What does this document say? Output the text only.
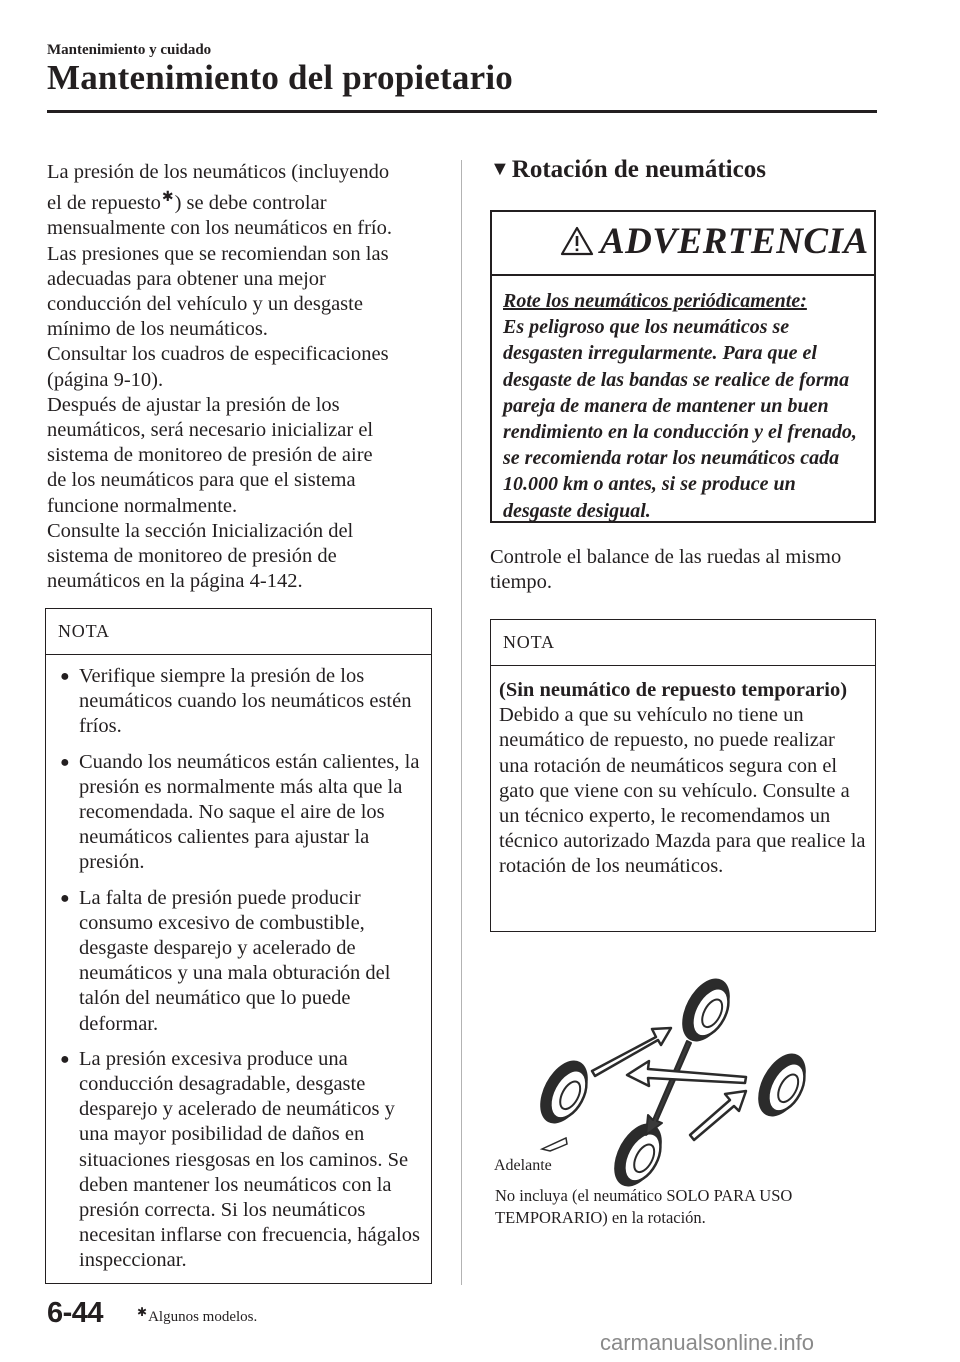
Mantenimiento y cuidado
Mantenimiento del propietario

La presión de los neumáticos (incluyendo

el de repuesto✱) se debe controlar

mensualmente con los neumáticos en frío.

Las presiones que se recomiendan son las

adecuadas para obtener una mejor

conducción del vehículo y un desgaste

mínimo de los neumáticos.

Consultar los cuadros de especificaciones

(página 9-10).

Después de ajustar la presión de los

neumáticos, será necesario inicializar el

sistema de monitoreo de presión de aire

de los neumáticos para que el sistema

funcione normalmente.

Consulte la sección Inicialización del

sistema de monitoreo de presión de

neumáticos en la página 4-142.

NOTA
● Verifique siempre la presión de los neumáticos cuando los neumáticos estén fríos.
● Cuando los neumáticos están calientes, la presión es normalmente más alta que la recomendada. No saque el aire de los neumáticos calientes para ajustar la presión.
● La falta de presión puede producir consumo excesivo de combustible, desgaste desparejo y acelerado de neumáticos y una mala obturación del talón del neumático que lo puede deformar.
● La presión excesiva produce una conducción desagradable, desgaste desparejo y acelerado de neumáticos y una mayor posibilidad de daños en situaciones riesgosas en los caminos. Se deben mantener los neumáticos con la presión correcta. Si los neumáticos necesitan inflarse con frecuencia, hágalos inspeccionar.
▼Rotación de neumáticos
ADVERTENCIA
Rote los neumáticos periódicamente:
Es peligroso que los neumáticos se desgasten irregularmente. Para que el desgaste de las bandas se realice de forma pareja de manera de mantener un buen rendimiento en la conducción y el frenado, se recomienda rotar los neumáticos cada 10.000 km o antes, si se produce un desgaste desigual.
Controle el balance de las ruedas al mismo tiempo.
NOTA
(Sin neumático de repuesto temporario)
Debido a que su vehículo no tiene un neumático de repuesto, no puede realizar una rotación de neumáticos segura con el gato que viene con su vehículo. Consulte a un técnico experto, le recomendamos un técnico autorizado Mazda para que realice la rotación de los neumáticos.
Adelante
No incluya (el neumático SOLO PARA USO TEMPORARIO) en la rotación.
6-44	✱Algunos modelos.
carmanualsonline.info
